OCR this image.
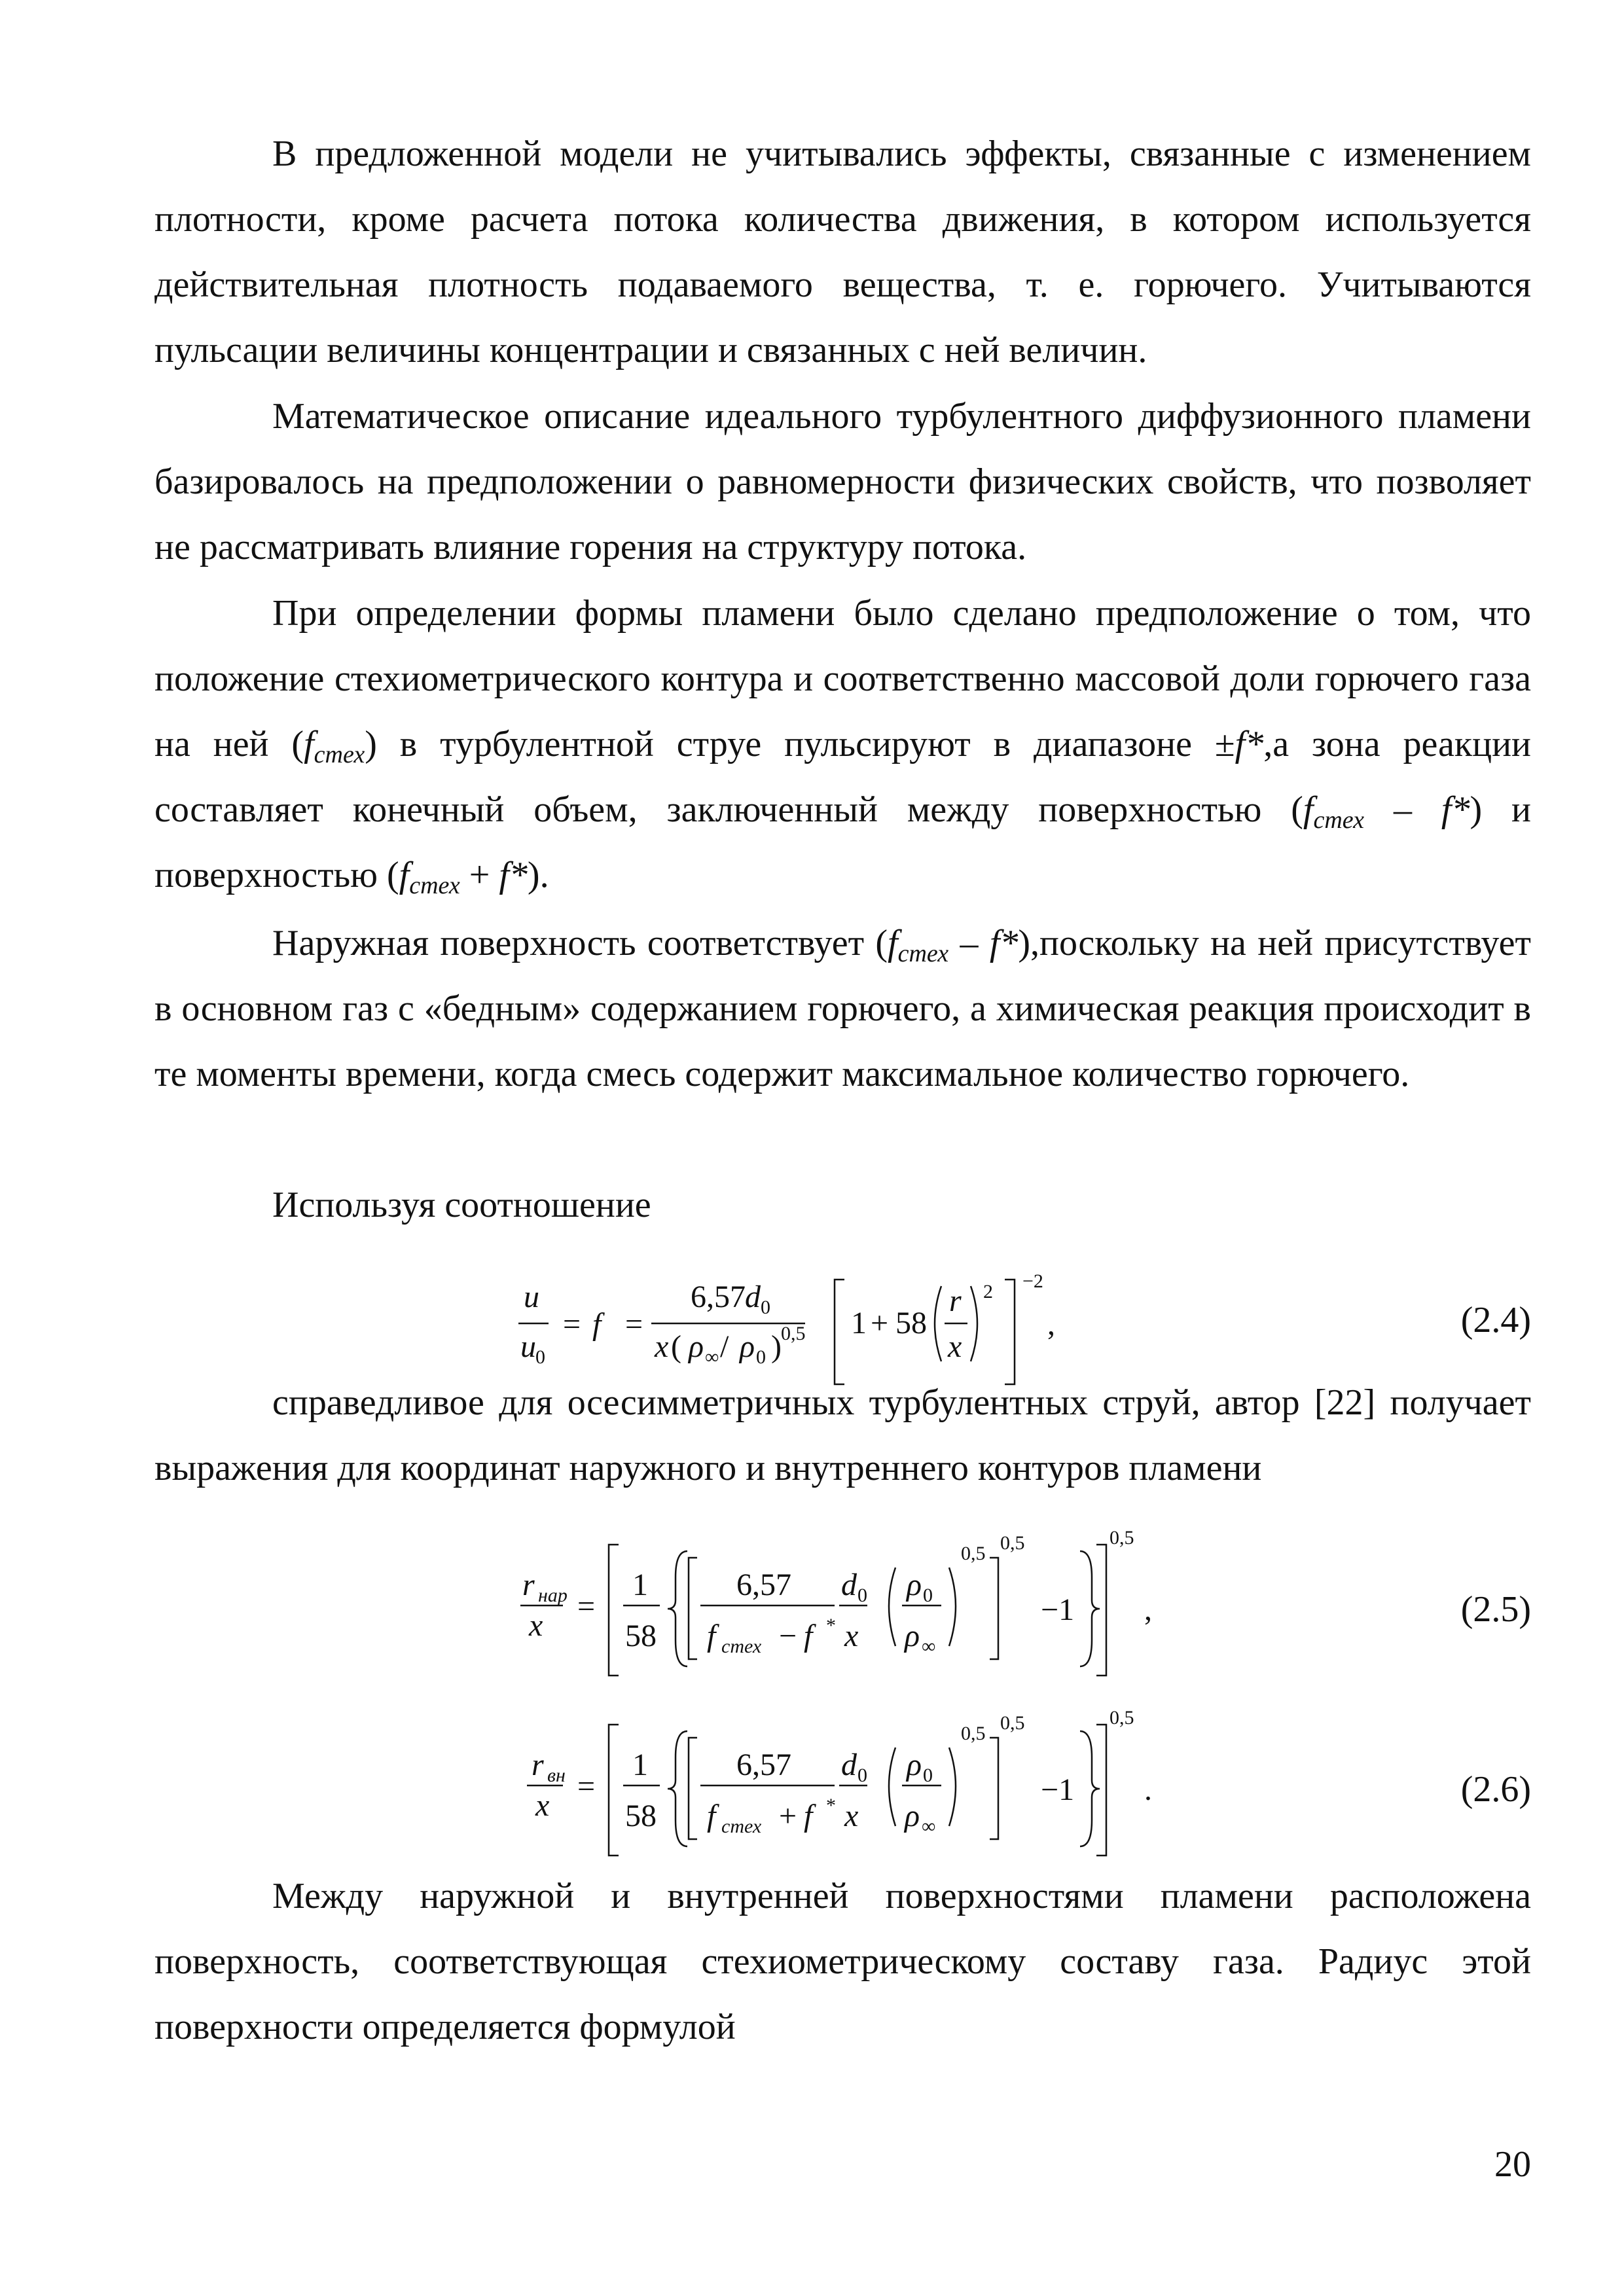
В предложенной модели не учитывались эффекты, связанные с изменением плотности, кроме расчета потока количества движения, в котором используется действительная плотность подаваемого вещества, т. е. горючего. Учитываются пульсации величины концентрации и связанных с ней величин.

Математическое описание идеального турбулентного диффузионного пламени базировалось на предположении о равномерности физических свойств, что позволяет не рассматривать влияние горения на структуру потока.

При определении формы пламени было сделано предположение о том, что положение стехиометрического контура и соответственно массовой доли горючего газа на ней $(f_{стех})$ в турбулентной струе пульсируют в диапазоне ±f*,а зона реакции составляет конечный объем, заключенный между поверхностью $(f_{стех} - f*)$ и поверхностью $(f_{стех} + f*)$.

Наружная поверхность соответствует ($f_{стех}$ – f*),поскольку на ней присутствует в основном газ с «бедным» содержанием горючего, а химическая реакция происходит в те моменты времени, когда смесь содержит максимальное количество горючего.

Используя соотношение

u
u
f
d
x ρ ρ
r
x
= =
6,57
( / )
1 + 58	,
0
0
∞ 0
0,5
2 −2
(2.4)

справедливое для осесимметричных турбулентных струй, автор [22] получает выражения для координат наружного и внутреннего контуров пламени

r
x	f	f
d
x
ρ
ρ
нар
стех
=
1
58
6,57
−
−1 ,
0	0
∞
*
0,5 0,5	0,5
(2.5)
r
x	f	f
d
x
ρ
ρ
вн
стех
=
1
58
6,57
+
−1 .
0	0
∞
*
0,5 0,5	0,5
(2.6)

Между наружной и внутренней поверхностями пламени расположена поверхность, соответствующая стехиометрическому составу газа. Радиус этой поверхности определяется формулой

20
